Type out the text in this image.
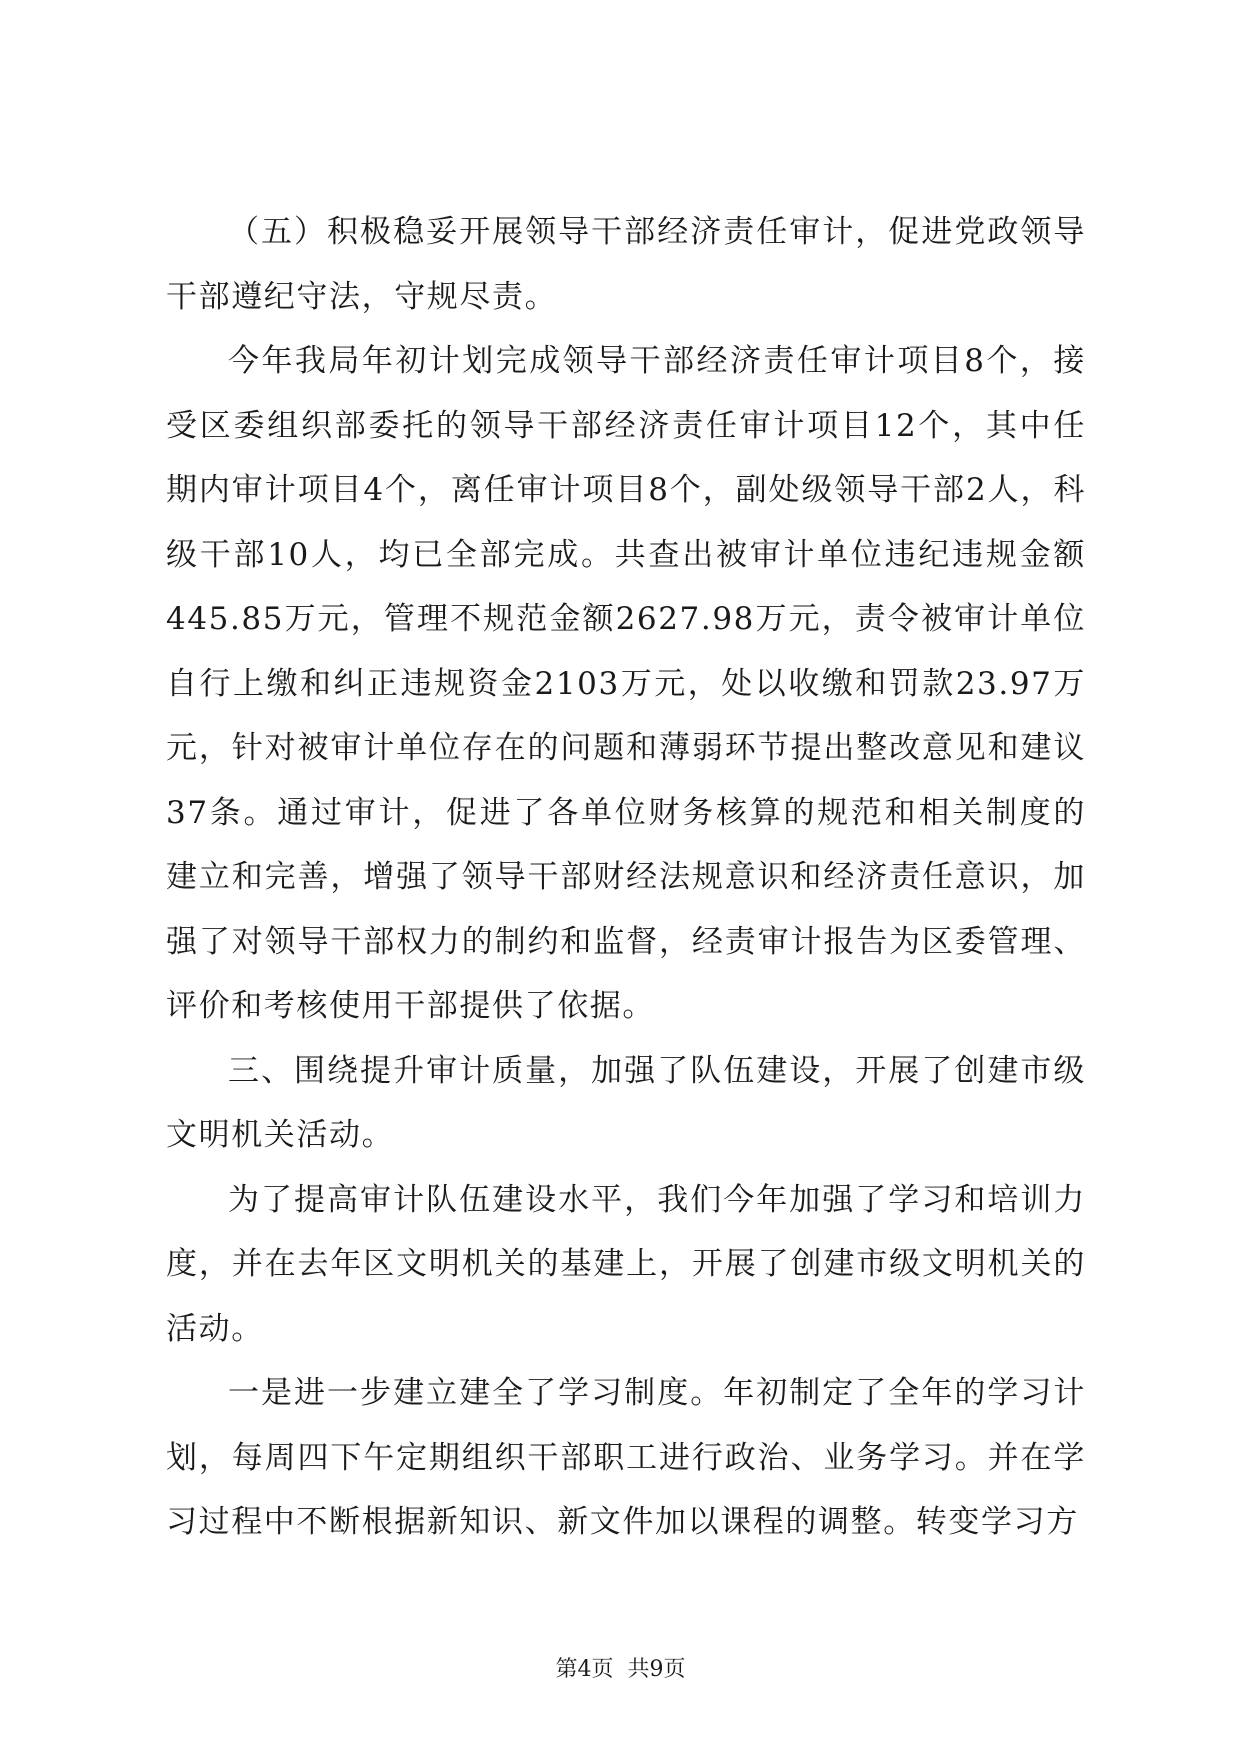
（五）积极稳妥开展领导干部经济责任审计，促进党政领导干部遵纪守法，守规尽责。

今年我局年初计划完成领导干部经济责任审计项目8个，接受区委组织部委托的领导干部经济责任审计项目12个，其中任期内审计项目4个，离任审计项目8个，副处级领导干部2人，科级干部10人，均已全部完成。共查出被审计单位违纪违规金额445.85万元，管理不规范金额2627.98万元，责令被审计单位自行上缴和纠正违规资金2103万元，处以收缴和罚款23.97万元，针对被审计单位存在的问题和薄弱环节提出整改意见和建议37条。通过审计，促进了各单位财务核算的规范和相关制度的建立和完善，增强了领导干部财经法规意识和经济责任意识，加强了对领导干部权力的制约和监督，经责审计报告为区委管理、评价和考核使用干部提供了依据。

三、围绕提升审计质量，加强了队伍建设，开展了创建市级文明机关活动。

为了提高审计队伍建设水平，我们今年加强了学习和培训力度，并在去年区文明机关的基建上，开展了创建市级文明机关的活动。

一是进一步建立建全了学习制度。年初制定了全年的学习计划，每周四下午定期组织干部职工进行政治、业务学习。并在学习过程中不断根据新知识、新文件加以课程的调整。转变学习方

第4页  共9页
